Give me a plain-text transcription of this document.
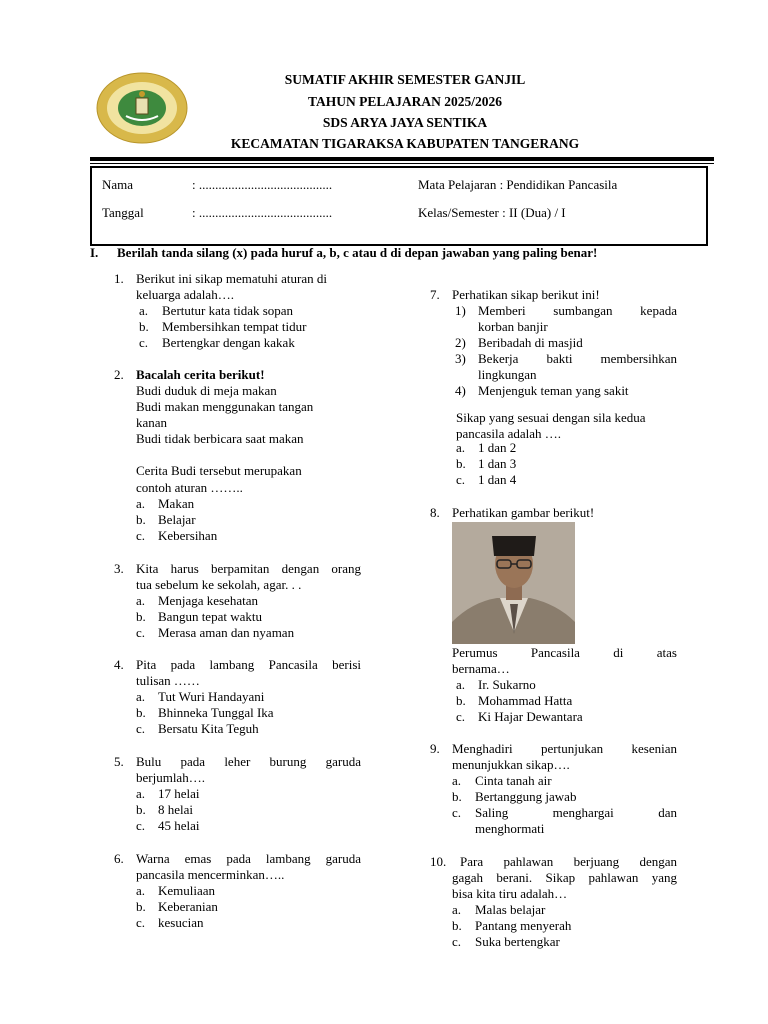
SUMATIF AKHIR SEMESTER GANJIL
TAHUN PELAJARAN 2025/2026
SDS ARYA JAYA SENTIKA
KECAMATAN TIGARAKSA KABUPATEN TANGERANG
Nama	: .........................................
Tanggal	: .........................................
Mata Pelajaran : Pendidikan Pancasila
Kelas/Semester : II (Dua) / I
I. Berilah tanda silang (x) pada huruf a, b, c atau d di depan jawaban yang paling benar!
1. Berikut ini sikap mematuhi aturan di
keluarga adalah….
a. Bertutur kata tidak sopan
b. Membersihkan tempat tidur
c. Bertengkar dengan kakak
2. Bacalah cerita berikut!
Budi duduk di meja makan
Budi makan menggunakan tangan
kanan
Budi tidak berbicara saat makan
Cerita Budi tersebut merupakan
contoh aturan ……..
a. Makan
b. Belajar
c. Kebersihan
3. Kita harus berpamitan dengan orang
tua sebelum ke sekolah, agar. . .
a. Menjaga kesehatan
b. Bangun tepat waktu
c. Merasa aman dan nyaman
4. Pita pada lambang Pancasila berisi
tulisan ……
a. Tut Wuri Handayani
b. Bhinneka Tunggal Ika
c. Bersatu Kita Teguh
5. Bulu pada leher burung garuda
berjumlah….
a. 17 helai
b. 8 helai
c. 45 helai
6. Warna emas pada lambang garuda
pancasila mencerminkan…..
a. Kemuliaan
b. Keberanian
c. kesucian
7. Perhatikan sikap berikut ini!
1) Memberi sumbangan kepada
korban banjir
2) Beribadah di masjid
3) Bekerja bakti membersihkan
lingkungan
4) Menjenguk teman yang sakit
Sikap yang sesuai dengan sila kedua
pancasila adalah ….
a. 1 dan 2
b. 1 dan 3
c. 1 dan 4
8. Perhatikan gambar berikut!
Perumus Pancasila di atas
bernama…
a. Ir. Sukarno
b. Mohammad Hatta
c. Ki Hajar Dewantara
9. Menghadiri pertunjukan kesenian
menunjukkan sikap….
a. Cinta tanah air
b. Bertanggung jawab
c. Saling menghargai dan
menghormati
10. Para pahlawan berjuang dengan
gagah berani. Sikap pahlawan yang
bisa kita tiru adalah…
a. Malas belajar
b. Pantang menyerah
c. Suka bertengkar
